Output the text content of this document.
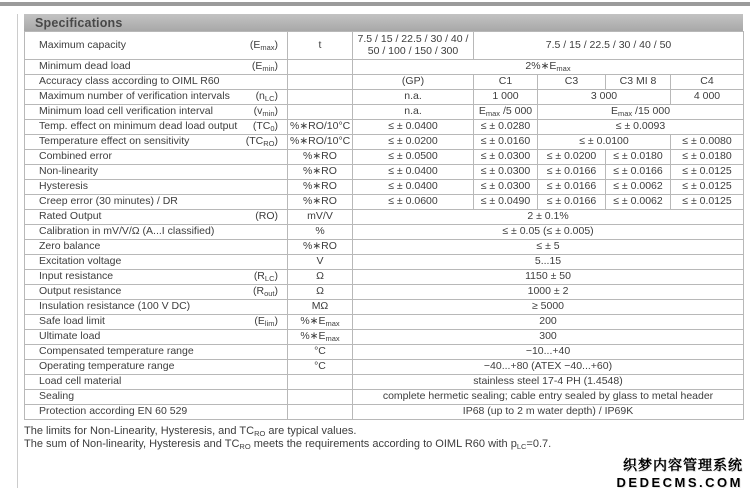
Specifications
Maximum capacity $(E_{max})$	t	7.5 / 15 / 22.5 / 30 / 40 / 50 / 100 / 150 / 300	7.5 / 15 / 22.5 / 30 / 40 / 50			

Minimum dead load $(E_{min})$		$2\%∗E_{max}$

Accuracy class according to OIML R60		(GP)	C1	C3	C3 MI 8	C4

Maximum number of verification intervals $(n_{LC})$		n.a.	1 000	3 000		4 000

Minimum load cell verification interval $(v_{min})$		n.a.	$E_{max}$ /5 000	$E_{max}$ /15 000		

Temp. effect on minimum dead load output $(TC_0)$	%∗RO/10°C	≤ ± 0.0400	≤ ± 0.0280	≤ ± 0.0093		

Temperature effect on sensitivity $(TC_{RO})$	%∗RO/10°C	≤ ± 0.0200	≤ ± 0.0160	≤ ± 0.0100		≤ ± 0.0080

Combined error	%∗RO	≤ ± 0.0500	≤ ± 0.0300	≤ ± 0.0200	≤ ± 0.0180	≤ ± 0.0180

Non-linearity	%∗RO	≤ ± 0.0400	≤ ± 0.0300	≤ ± 0.0166	≤ ± 0.0166	≤ ± 0.0125

Hysteresis	%∗RO	≤ ± 0.0400	≤ ± 0.0300	≤ ± 0.0166	≤ ± 0.0062	≤ ± 0.0125

Creep error (30 minutes) / DR	%∗RO	≤ ± 0.0600	≤ ± 0.0490	≤ ± 0.0166	≤ ± 0.0062	≤ ± 0.0125

Rated Output (RO)	mV/V	2 ± 0.1%				

Calibration in mV/V/Ω (A...I classified)	%	≤ ± 0.05 (≤ ± 0.005)				

Zero balance	%∗RO	≤ ± 5				

Excitation voltage	V	5...15				

Input resistance $(R_{LC})$	Ω	1150 ± 50				

Output resistance $(R_{out})$	Ω	1000 ± 2				

Insulation resistance (100 V DC)	MΩ	≥ 5000				

Safe load limit $(E_{lim})$	$\%∗E_{max}$	200				

Ultimate load	$\%∗E_{max}$	300				

Compensated temperature range	°C	−10...+40				

Operating temperature range	°C	−40...+80 (ATEX −40...+60)				

Load cell material		stainless steel 17-4 PH (1.4548)				

Sealing		complete hermetic sealing; cable entry sealed by glass to metal header				

Protection according EN 60 529		IP68 (up to 2 m water depth) / IP69K				

The limits for Non-Linearity, Hysteresis, and $TC_{RO}$ are typical values.

The sum of Non-linearity, Hysteresis and $TC_{RO}$ meets the requirements according to OIML R60 with $p_{LC}=0.7$.

织梦内容管理系统
DEDECMS.COM
